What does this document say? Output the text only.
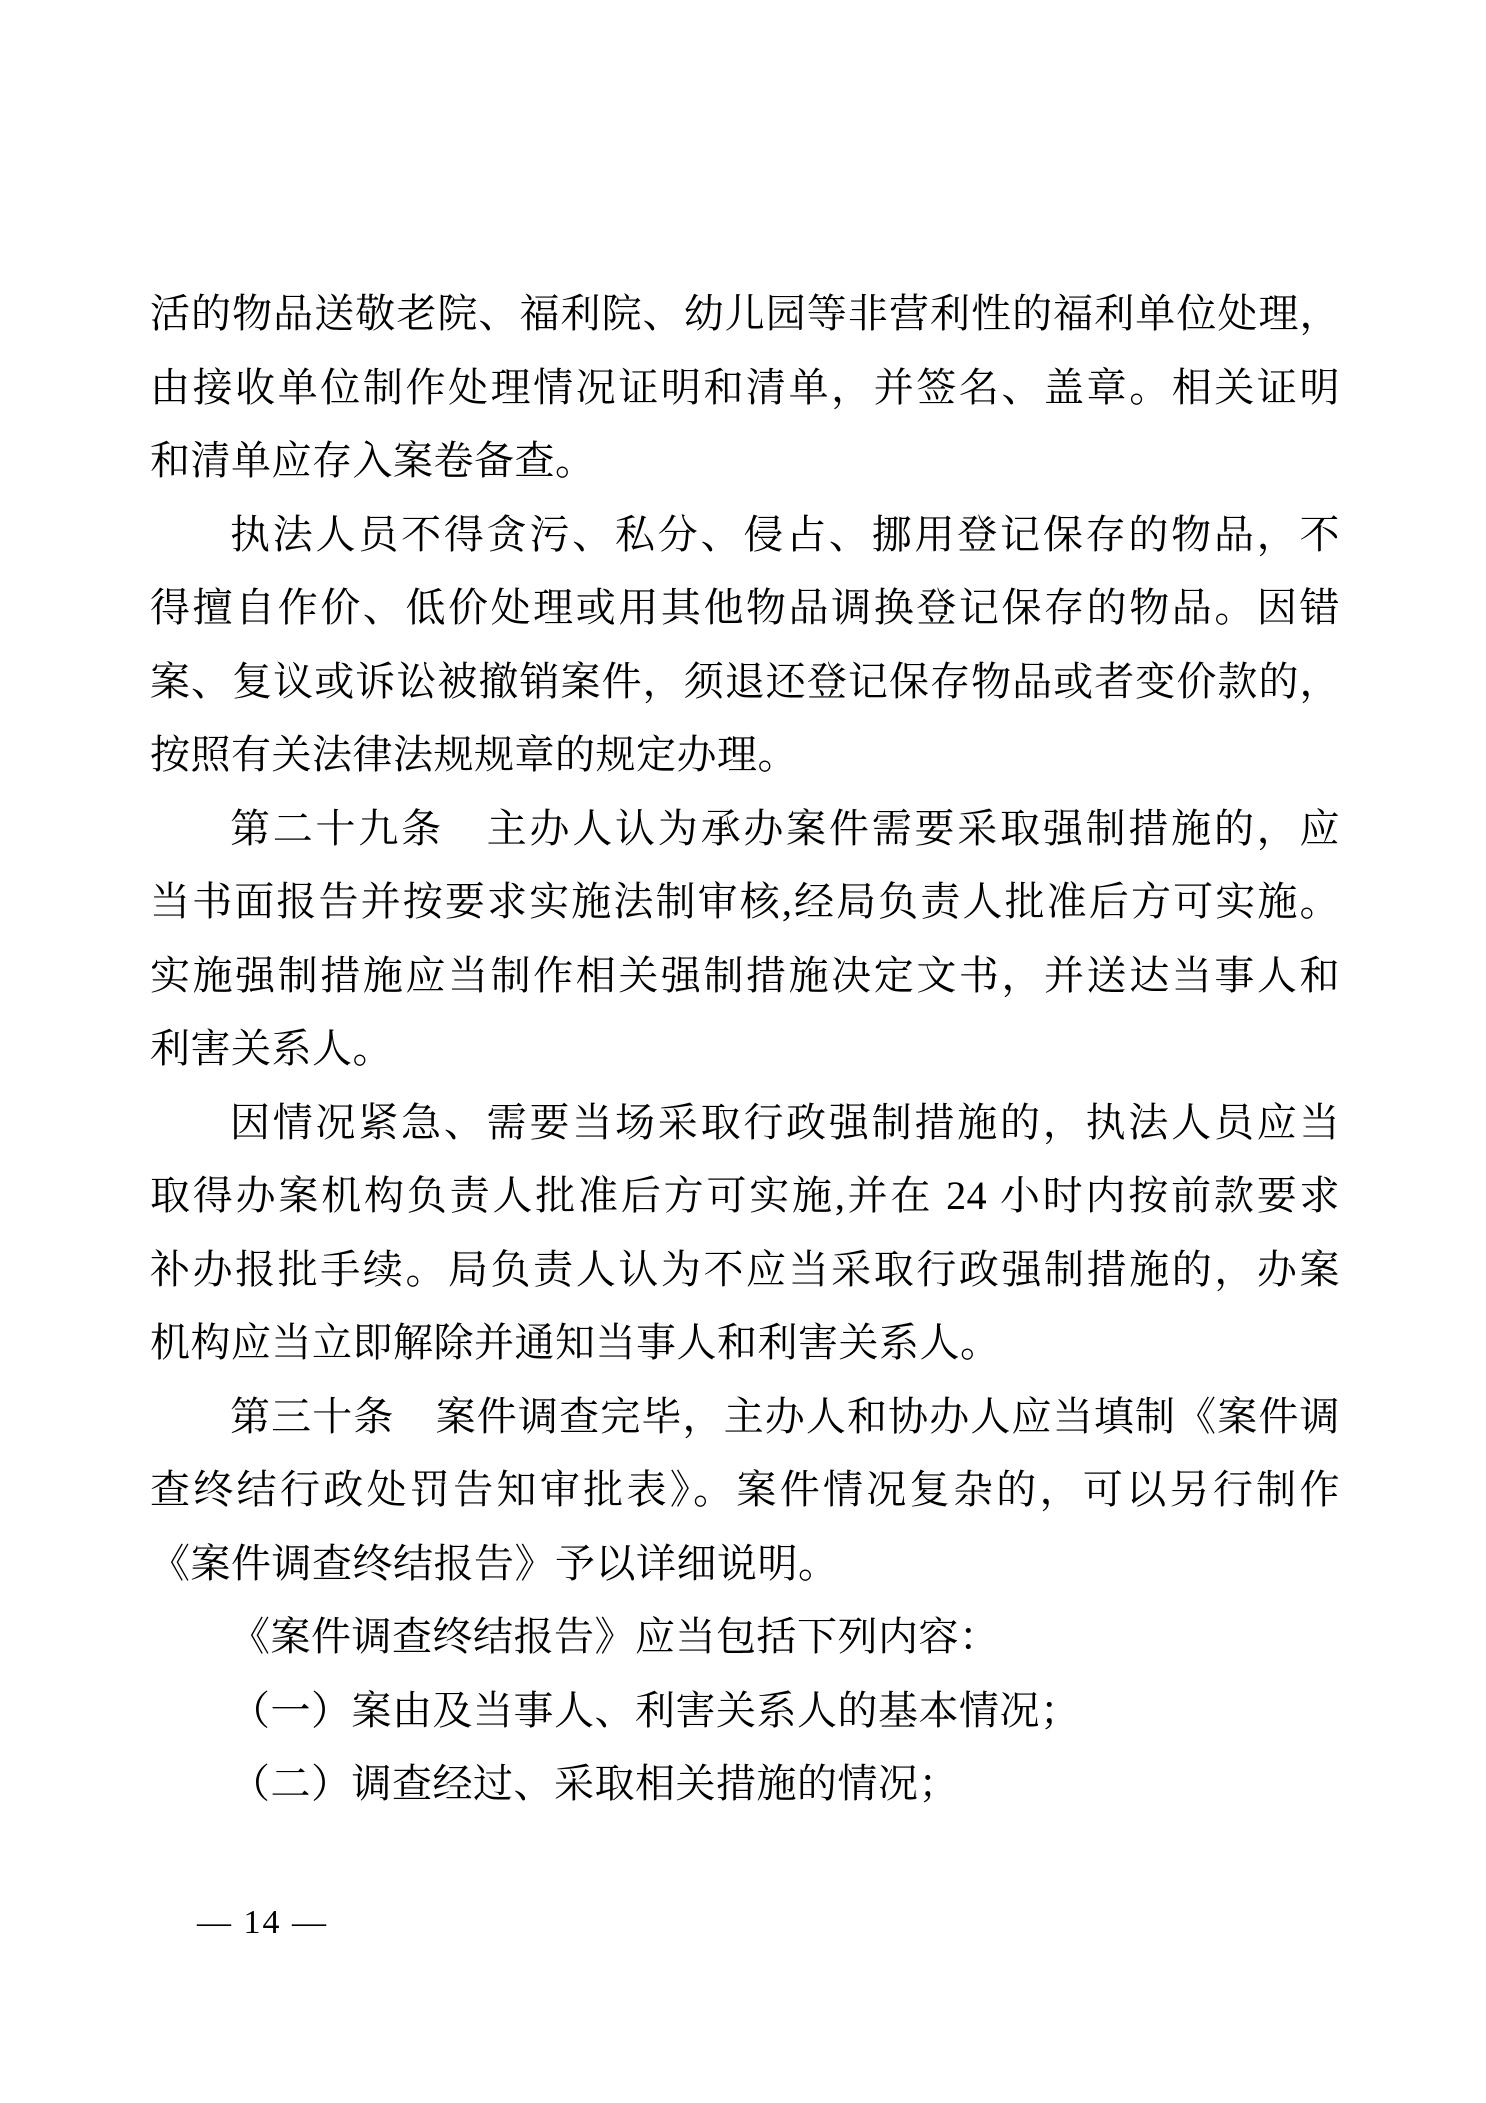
活的物品送敬老院、福利院、幼儿园等非营利性的福利单位处理，
由接收单位制作处理情况证明和清单，并签名、盖章。相关证明
和清单应存入案卷备查。
执法人员不得贪污、私分、侵占、挪用登记保存的物品，不
得擅自作价、低价处理或用其他物品调换登记保存的物品。因错
案、复议或诉讼被撤销案件，须退还登记保存物品或者变价款的，
按照有关法律法规规章的规定办理。
第二十九条　主办人认为承办案件需要采取强制措施的，应
当书面报告并按要求实施法制审核,经局负责人批准后方可实施。
实施强制措施应当制作相关强制措施决定文书，并送达当事人和
利害关系人。
因情况紧急、需要当场采取行政强制措施的，执法人员应当
取得办案机构负责人批准后方可实施,并在 24 小时内按前款要求
补办报批手续。局负责人认为不应当采取行政强制措施的，办案
机构应当立即解除并通知当事人和利害关系人。
第三十条　案件调查完毕，主办人和协办人应当填制《案件调
查终结行政处罚告知审批表》。案件情况复杂的，可以另行制作
《案件调查终结报告》予以详细说明。
《案件调查终结报告》应当包括下列内容：
（一）案由及当事人、利害关系人的基本情况；
（二）调查经过、采取相关措施的情况；
— 14 —
